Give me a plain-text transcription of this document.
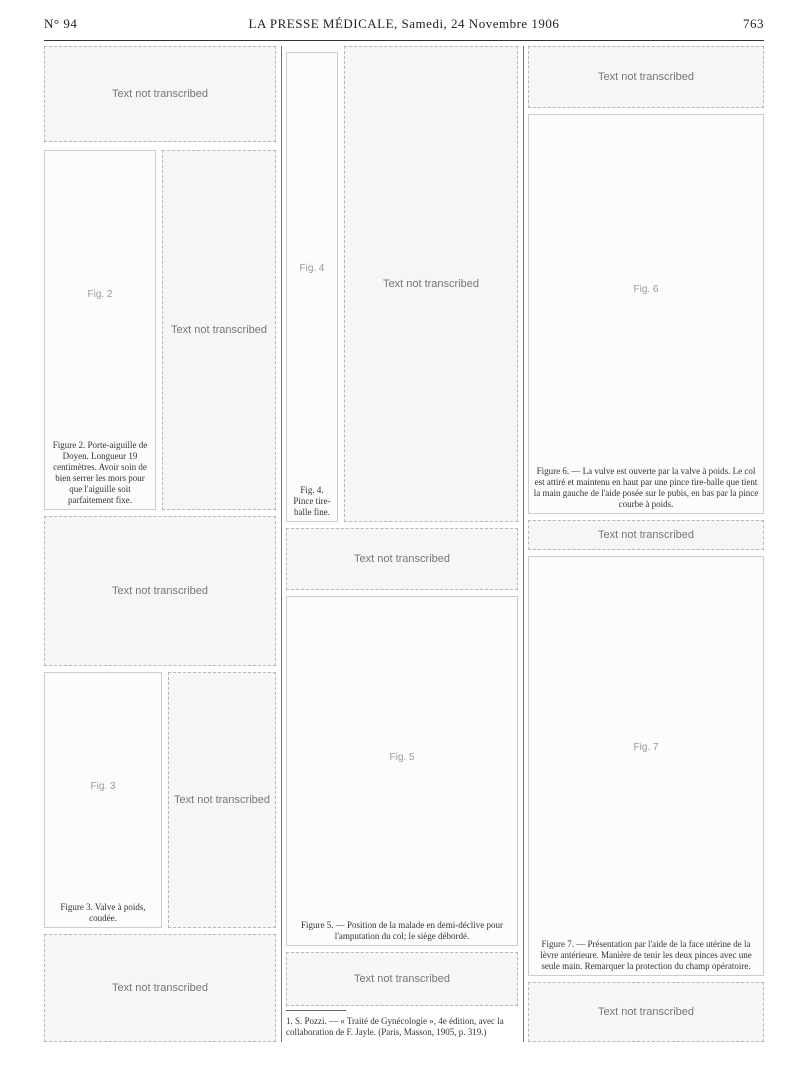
N° 94	LA PRESSE MÉDICALE, Samedi, 24 Novembre 1906	763
Text not transcribed
Fig. 2
Figure 2. Porte-aiguille de Doyen. Longueur 19 centimètres. Avoir soin de bien serrer les mors pour que l'aiguille soit parfaitement fixe.
Text not transcribed
Text not transcribed
Fig. 3
Figure 3. Valve à poids, coudée.
Text not transcribed
Text not transcribed
Fig. 4
Fig. 4. Pince tire-balle fine.
Text not transcribed
Text not transcribed
Fig. 5
Figure 5. — Position de la malade en demi-déclive pour l'amputation du col; le siège débordé.
Text not transcribed
1. S. Pozzi. — « Traité de Gynécologie », 4e édition, avec la collaboration de F. Jayle. (Paris, Masson, 1905, p. 319.)
Text not transcribed
Fig. 6
Figure 6. — La vulve est ouverte par la valve à poids. Le col est attiré et maintenu en haut par une pince tire-balle que tient la main gauche de l'aide posée sur le pubis, en bas par la pince courbe à poids.
Text not transcribed
Fig. 7
Figure 7. — Présentation par l'aide de la face utérine de la lèvre antérieure. Manière de tenir les deux pinces avec une seule main. Remarquer la protection du champ opératoire.
Text not transcribed
